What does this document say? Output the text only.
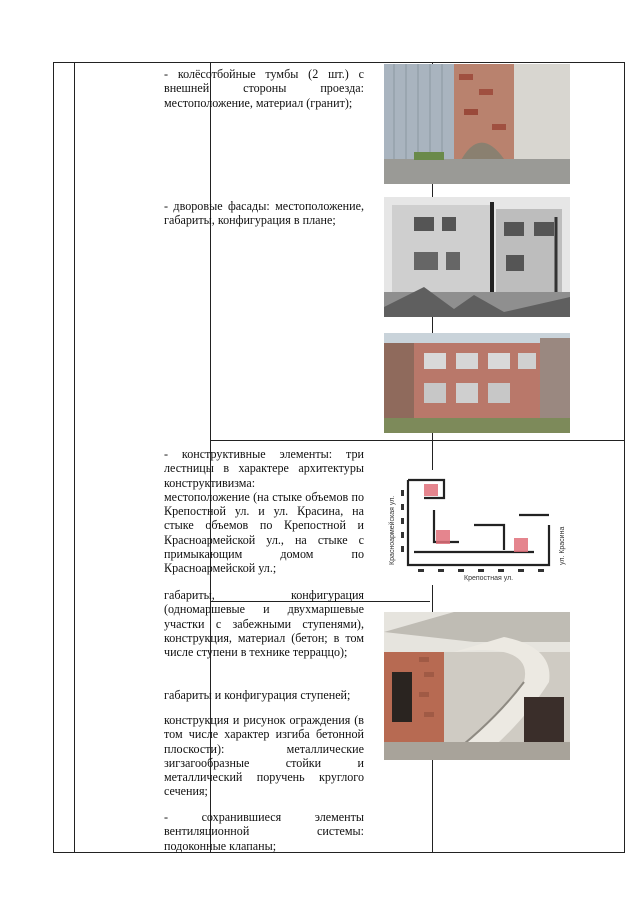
- колёсотбойные тумбы (2 шт.) с внешней стороны проезда: местоположение, материал (гранит);

- дворовые фасады: местоположение, габариты, конфигурация в плане;

- конструктивные элементы: три лестницы в характере архитектуры конструктивизма:

местоположение (на стыке объемов по Крепостной ул. и ул. Красина, на стыке объемов по Крепостной и Красноармейской ул., на стыке с примыкающим домом по Красноармейской ул.;

габариты, конфигурация (одномаршевые и двухмаршевые участки с забежными ступенями), конструкция, материал (бетон; в том числе ступени в технике терраццо);

габариты и конфигурация ступеней;

конструкция и рисунок ограждения (в том числе характер изгиба бетонной плоскости): металлические зигзагообразные стойки и металлический поручень круглого сечения;

- сохранившиеся элементы вентиляционной системы: подоконные клапаны;

Крепостная ул.
Красноармейская ул.	ул. Красина
